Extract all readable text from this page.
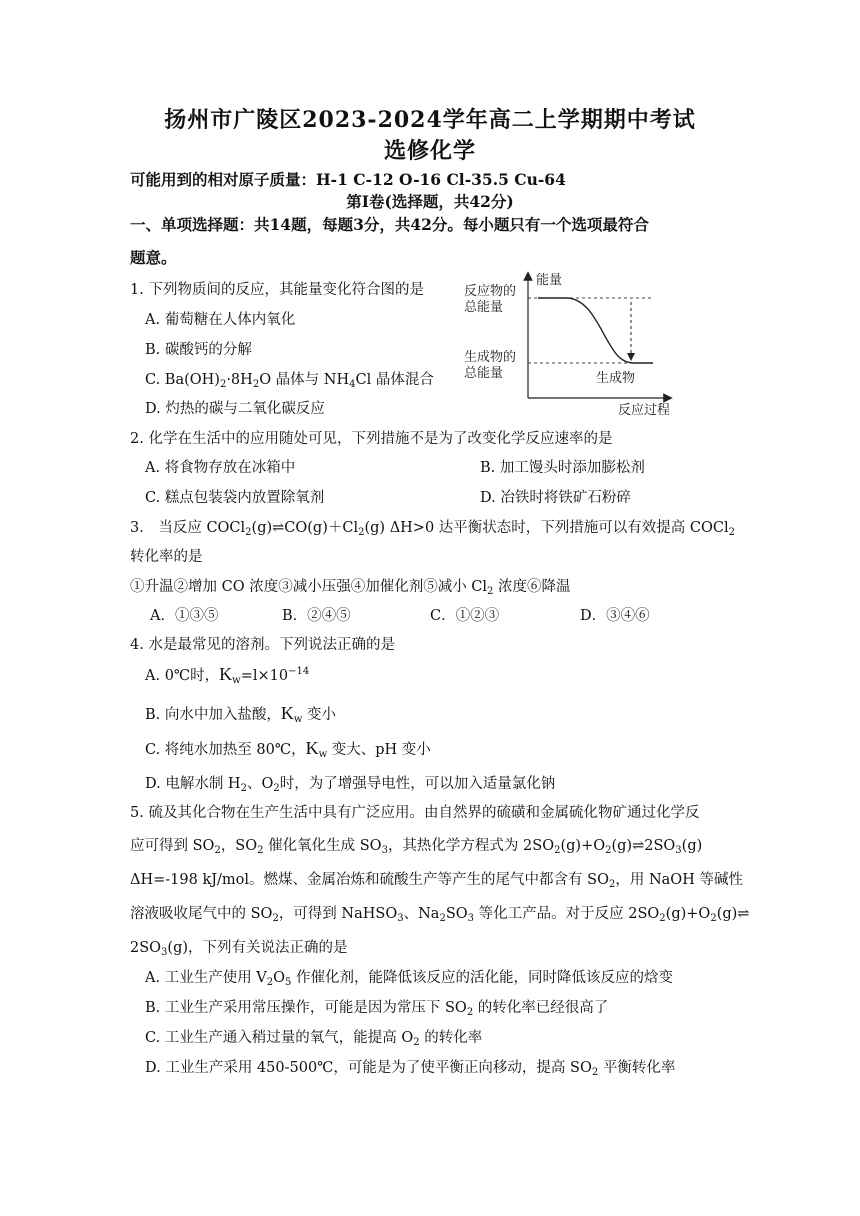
扬州市广陵区2023-2024学年高二上学期期中考试
选修化学
可能用到的相对原子质量：H-1 C-12 O-16 Cl-35.5 Cu-64
第Ⅰ卷(选择题，共42分)
一、单项选择题：共14题，每题3分，共42分。每小题只有一个选项最符合
题意。
1. 下列物质间的反应，其能量变化符合图的是
A. 葡萄糖在人体内氧化
B. 碳酸钙的分解
C. $Ba(OH)_2\cdot 8H_2O$ 晶体与 $NH_4Cl$ 晶体混合
D. 灼热的碳与二氧化碳反应
能量
反应物的
总能量
生成物的
总能量	生成物
反应过程
2. 化学在生活中的应用随处可见，下列措施不是为了改变化学反应速率的是
A. 将食物存放在冰箱中	B. 加工馒头时添加膨松剂
C. 糕点包装袋内放置除氧剂	D. 冶铁时将铁矿石粉碎
3． 当反应 $COCl_2(g)\rightleftharpoons CO(g)+Cl_2(g)$ ΔH>0 达平衡状态时，下列措施可以有效提高 COCl$_2$
转化率的是
①升温②增加 CO 浓度③减小压强④加催化剂⑤减小 $Cl_2$ 浓度⑥降温
A．①③⑤	B．②④⑤	C．①②③	D．③④⑥
4. 水是最常见的溶剂。下列说法正确的是
A. 0℃时，$K_w=l\times 10^{-14}$
B. 向水中加入盐酸，$K_w$ 变小
C. 将纯水加热至 80℃，$K_w$ 变大、pH 变小
D. 电解水制 $H_2$、$O_2$时，为了增强导电性，可以加入适量氯化钠
5. 硫及其化合物在生产生活中具有广泛应用。由自然界的硫磺和金属硫化物矿通过化学反
应可得到 $SO_2$，$SO_2$ 催化氧化生成 $SO_3$，其热化学方程式为 $2SO_2(g)+O_2(g)\rightleftharpoons 2SO_3(g)$
ΔH=-198 kJ/mol。燃煤、金属冶炼和硫酸生产等产生的尾气中都含有 $SO_2$，用 NaOH 等碱性
溶液吸收尾气中的 $SO_2$，可得到 NaHSO$_3$、$Na_2SO_3$ 等化工产品。对于反应 $2SO_2(g)+O_2(g)\rightleftharpoons$
$2SO_3(g)$，下列有关说法正确的是
A. 工业生产使用 $V_2O_5$ 作催化剂，能降低该反应的活化能，同时降低该反应的焓变
B. 工业生产采用常压操作，可能是因为常压下 $SO_2$ 的转化率已经很高了
C. 工业生产通入稍过量的氧气，能提高 $O_2$ 的转化率
D. 工业生产采用 450-500℃，可能是为了使平衡正向移动，提高 $SO_2$ 平衡转化率
